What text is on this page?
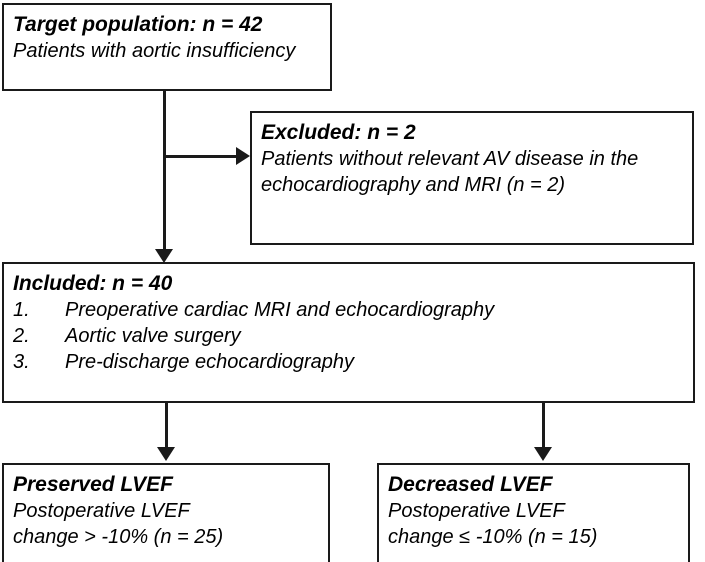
Target population: n = 42
Patients with aortic insufficiency
Excluded: n = 2
Patients without relevant AV disease in the
echocardiography and MRI (n = 2)
Included: n = 40
1.	Preoperative cardiac MRI and echocardiography
2.	Aortic valve surgery
3.	Pre-discharge echocardiography
Preserved LVEF
Postoperative LVEF
change > -10% (n = 25)
Decreased LVEF
Postoperative LVEF
change ≤ -10% (n = 15)
